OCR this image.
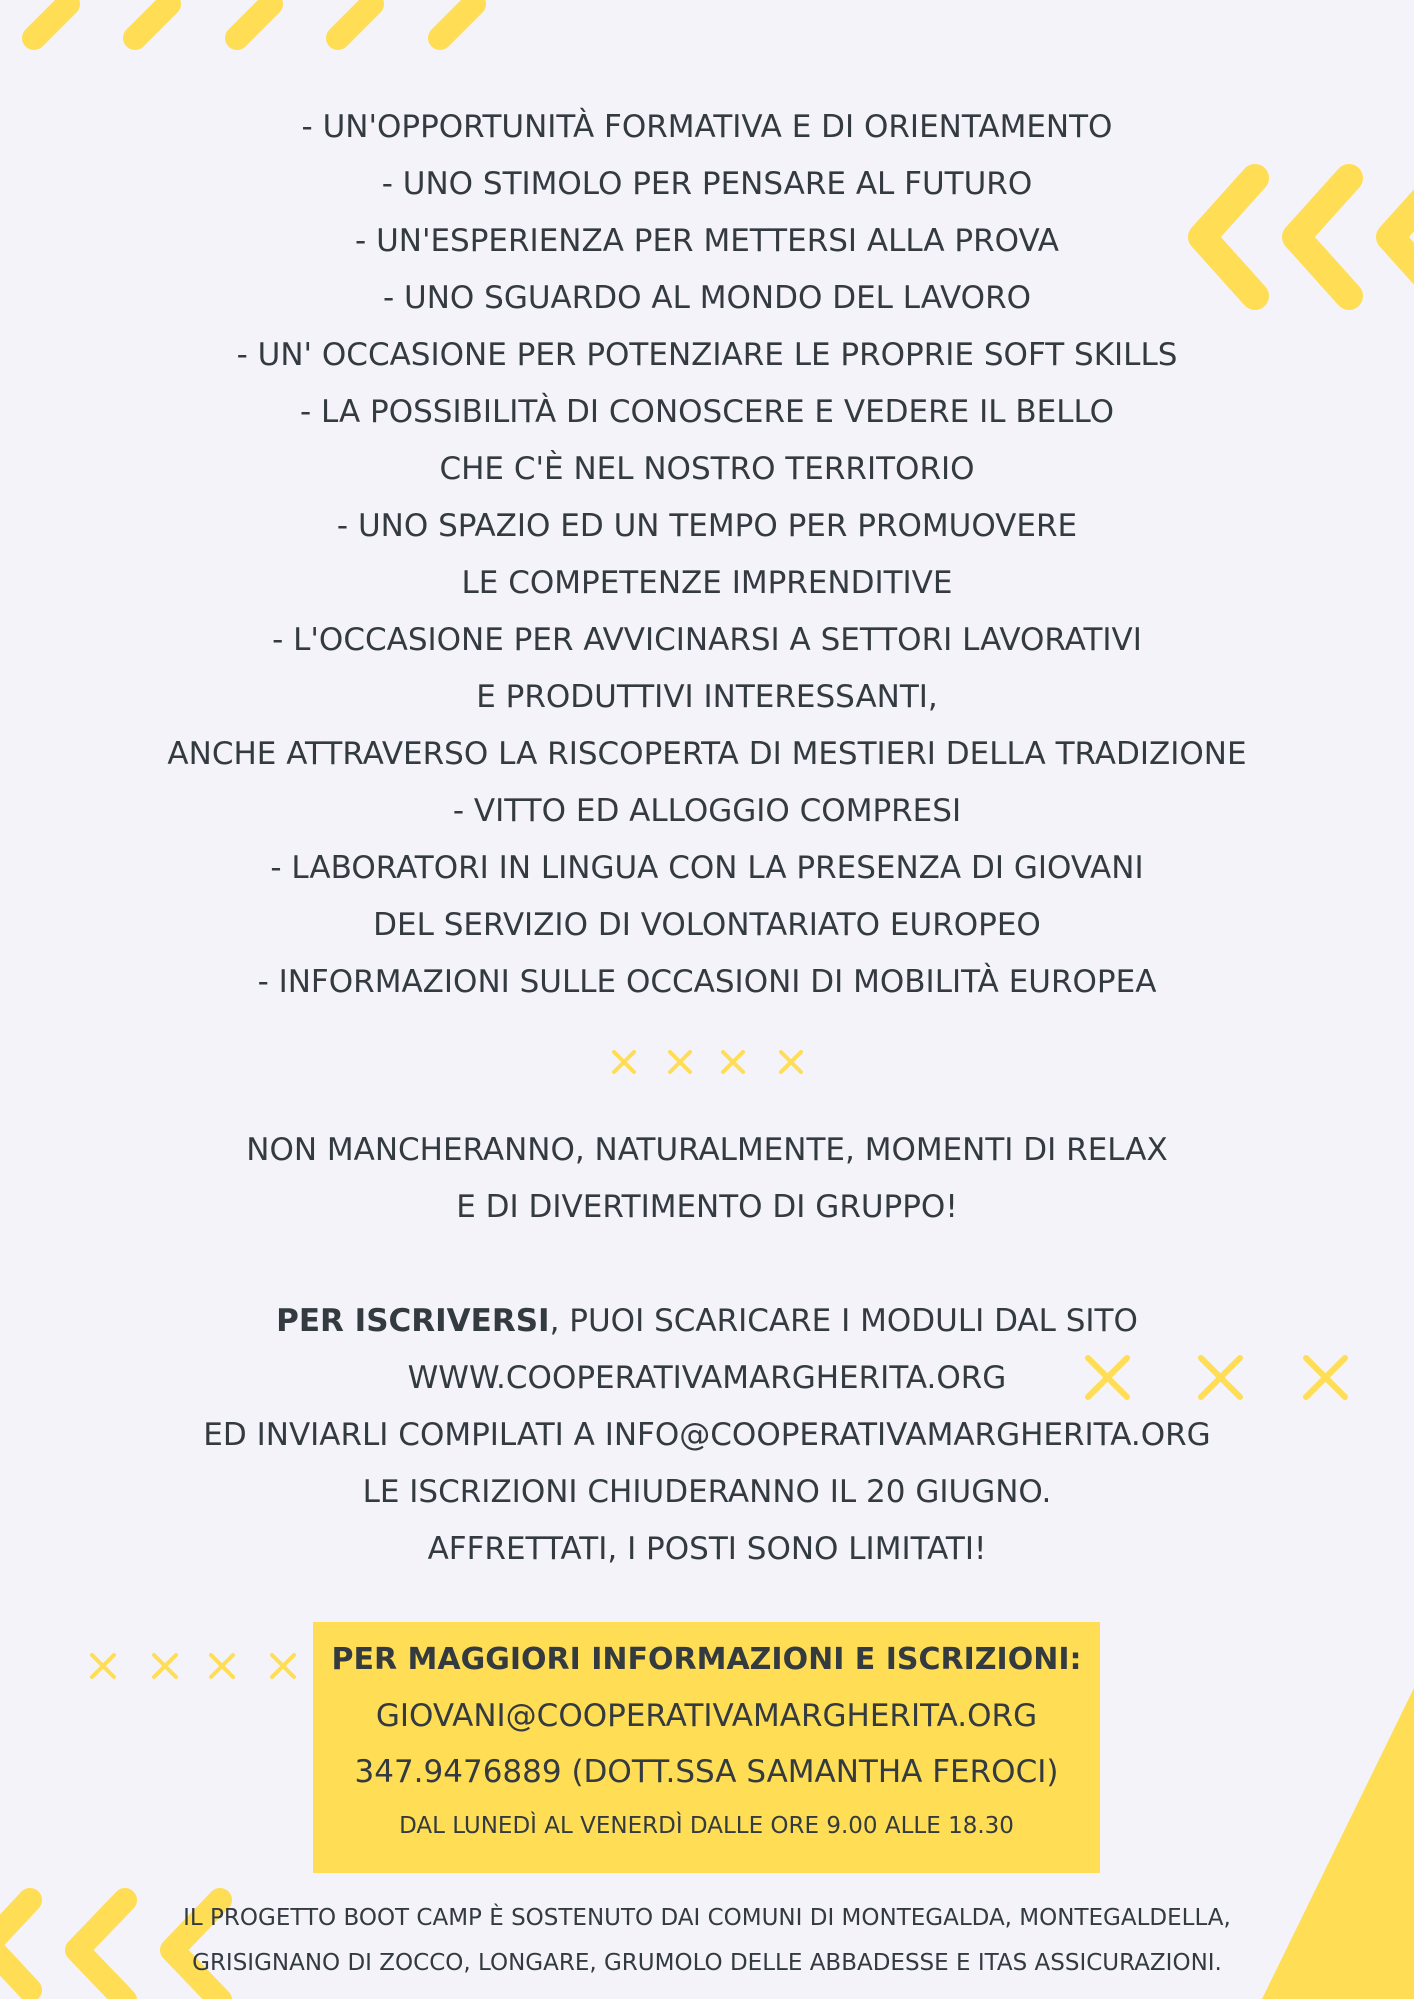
- UN'OPPORTUNITÀ FORMATIVA E DI ORIENTAMENTO
- UNO STIMOLO PER PENSARE AL FUTURO
- UN'ESPERIENZA PER METTERSI ALLA PROVA
- UNO SGUARDO AL MONDO DEL LAVORO
- UN' OCCASIONE PER POTENZIARE LE PROPRIE SOFT SKILLS
- LA POSSIBILITÀ DI CONOSCERE E VEDERE IL BELLO
CHE C'È NEL NOSTRO TERRITORIO
- UNO SPAZIO ED UN TEMPO PER PROMUOVERE
LE COMPETENZE IMPRENDITIVE
- L'OCCASIONE PER AVVICINARSI A SETTORI LAVORATIVI
E PRODUTTIVI INTERESSANTI,
ANCHE ATTRAVERSO LA RISCOPERTA DI MESTIERI DELLA TRADIZIONE
- VITTO ED ALLOGGIO COMPRESI
- LABORATORI IN LINGUA CON LA PRESENZA DI GIOVANI
DEL SERVIZIO DI VOLONTARIATO EUROPEO
- INFORMAZIONI SULLE OCCASIONI DI MOBILITÀ EUROPEA
NON MANCHERANNO, NATURALMENTE, MOMENTI DI RELAX
E DI DIVERTIMENTO DI GRUPPO!
PER ISCRIVERSI, PUOI SCARICARE I MODULI DAL SITO
WWW.COOPERATIVAMARGHERITA.ORG
ED INVIARLI COMPILATI A INFO@COOPERATIVAMARGHERITA.ORG
LE ISCRIZIONI CHIUDERANNO IL 20 GIUGNO.
AFFRETTATI, I POSTI SONO LIMITATI!
PER MAGGIORI INFORMAZIONI E ISCRIZIONI:
GIOVANI@COOPERATIVAMARGHERITA.ORG
347.9476889 (DOTT.SSA SAMANTHA FEROCI)
DAL LUNEDÌ AL VENERDÌ DALLE ORE 9.00 ALLE 18.30
IL PROGETTO BOOT CAMP È SOSTENUTO DAI COMUNI DI MONTEGALDA, MONTEGALDELLA,
GRISIGNANO DI ZOCCO, LONGARE, GRUMOLO DELLE ABBADESSE E ITAS ASSICURAZIONI.
